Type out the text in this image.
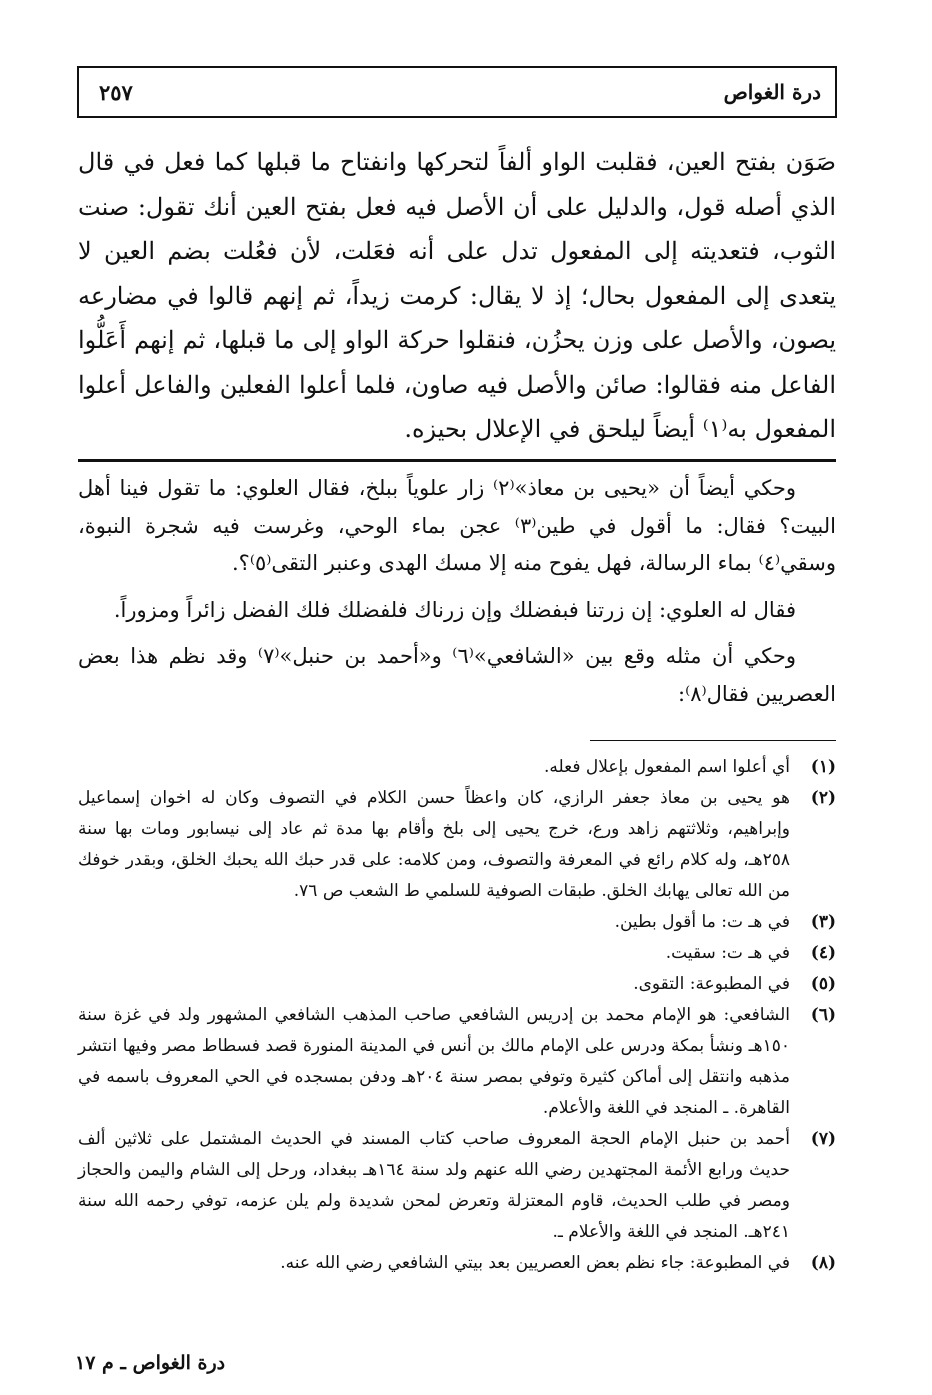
درة الغواص
٢٥٧

صَوَن بفتح العين، فقلبت الواو ألفاً لتحركها وانفتاح ما قبلها كما فعل في قال الذي أصله قول، والدليل على أن الأصل فيه فعل بفتح العين أنك تقول: صنت الثوب، فتعديته إلى المفعول تدل على أنه فعَلت، لأن فعُلت بضم العين لا يتعدى إلى المفعول بحال؛ إذ لا يقال: كرمت زيداً، ثم إنهم قالوا في مضارعه يصون، والأصل على وزن يحزُن، فنقلوا حركة الواو إلى ما قبلها، ثم إنهم أَعَلُّوا الفاعل منه فقالوا: صائن والأصل فيه صاون، فلما أعلوا الفعلين والفاعل أعلوا المفعول به⁽١⁾ أيضاً ليلحق في الإعلال بحيزه.

وحكي أيضاً أن «يحيى بن معاذ»⁽٢⁾ زار علوياً ببلخ، فقال العلوي: ما تقول فينا أهل البيت؟ فقال: ما أقول في طين⁽٣⁾ عجن بماء الوحي، وغرست فيه شجرة النبوة، وسقي⁽٤⁾ بماء الرسالة، فهل يفوح منه إلا مسك الهدى وعنبر التقى⁽٥⁾؟.

فقال له العلوي: إن زرتنا فبفضلك وإن زرناك فلفضلك فلك الفضل زائراً ومزوراً.

وحكي أن مثله وقع بين «الشافعي»⁽٦⁾ و«أحمد بن حنبل»⁽٧⁾ وقد نظم هذا بعض العصريين فقال⁽٨⁾:

(١)
أي أعلوا اسم المفعول بإعلال فعله.
(٢)
هو يحيى بن معاذ جعفر الرازي، كان واعظاً حسن الكلام في التصوف وكان له اخوان إسماعيل وإبراهيم، وثلاثتهم زاهد ورع، خرج يحيى إلى بلخ وأقام بها مدة ثم عاد إلى نيسابور ومات بها سنة ٢٥٨هـ، وله كلام رائع في المعرفة والتصوف، ومن كلامه: على قدر حبك الله يحبك الخلق، وبقدر خوفك من الله تعالى يهابك الخلق. طبقات الصوفية للسلمي ط الشعب ص ٧٦.
(٣)
في هـ ت: ما أقول بطين.
(٤)
في هـ ت: سقيت.
(٥)
في المطبوعة: التقوى.
(٦)
الشافعي: هو الإمام محمد بن إدريس الشافعي صاحب المذهب الشافعي المشهور ولد في غزة سنة ١٥٠هـ ونشأ بمكة ودرس على الإمام مالك بن أنس في المدينة المنورة قصد فسطاط مصر وفيها انتشر مذهبه وانتقل إلى أماكن كثيرة وتوفي بمصر سنة ٢٠٤هـ ودفن بمسجده في الحي المعروف باسمه في القاهرة. ـ المنجد في اللغة والأعلام.
(٧)
أحمد بن حنبل الإمام الحجة المعروف صاحب كتاب المسند في الحديث المشتمل على ثلاثين ألف حديث ورابع الأئمة المجتهدين رضي الله عنهم ولد سنة ١٦٤هـ ببغداد، ورحل إلى الشام واليمن والحجاز ومصر في طلب الحديث، قاوم المعتزلة وتعرض لمحن شديدة ولم يلن عزمه، توفي رحمه الله سنة ٢٤١هـ. المنجد في اللغة والأعلام ـ.
(٨)
في المطبوعة: جاء نظم بعض العصريين بعد بيتي الشافعي رضي الله عنه.
درة الغواص ـ م ١٧
